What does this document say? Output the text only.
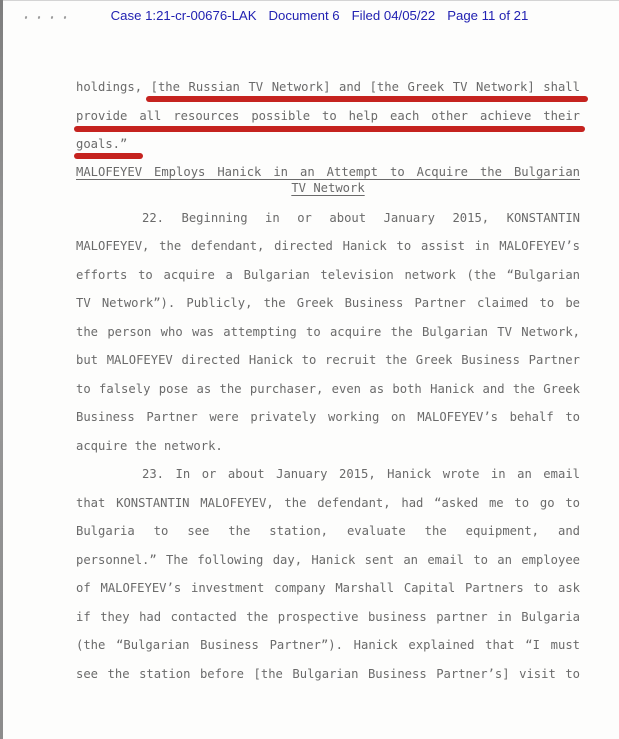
Case 1:21-cr-00676-LAK Document 6 Filed 04/05/22 Page 11 of 21
holdings, [the Russian TV Network] and [the Greek TV Network] shall
provide all resources possible to help each other achieve their
goals.”
MALOFEYEV Employs Hanick in an Attempt to Acquire the Bulgarian
TV Network
22. Beginning in or about January 2015, KONSTANTIN
MALOFEYEV, the defendant, directed Hanick to assist in MALOFEYEV’s
efforts to acquire a Bulgarian television network (the “Bulgarian
TV Network”). Publicly, the Greek Business Partner claimed to be
the person who was attempting to acquire the Bulgarian TV Network,
but MALOFEYEV directed Hanick to recruit the Greek Business Partner
to falsely pose as the purchaser, even as both Hanick and the Greek
Business Partner were privately working on MALOFEYEV’s behalf to
acquire the network.
23. In or about January 2015, Hanick wrote in an email
that KONSTANTIN MALOFEYEV, the defendant, had “asked me to go to
Bulgaria to see the station, evaluate the equipment, and
personnel.” The following day, Hanick sent an email to an employee
of MALOFEYEV’s investment company Marshall Capital Partners to ask
if they had contacted the prospective business partner in Bulgaria
(the “Bulgarian Business Partner”). Hanick explained that “I must
see the station before [the Bulgarian Business Partner’s] visit to
